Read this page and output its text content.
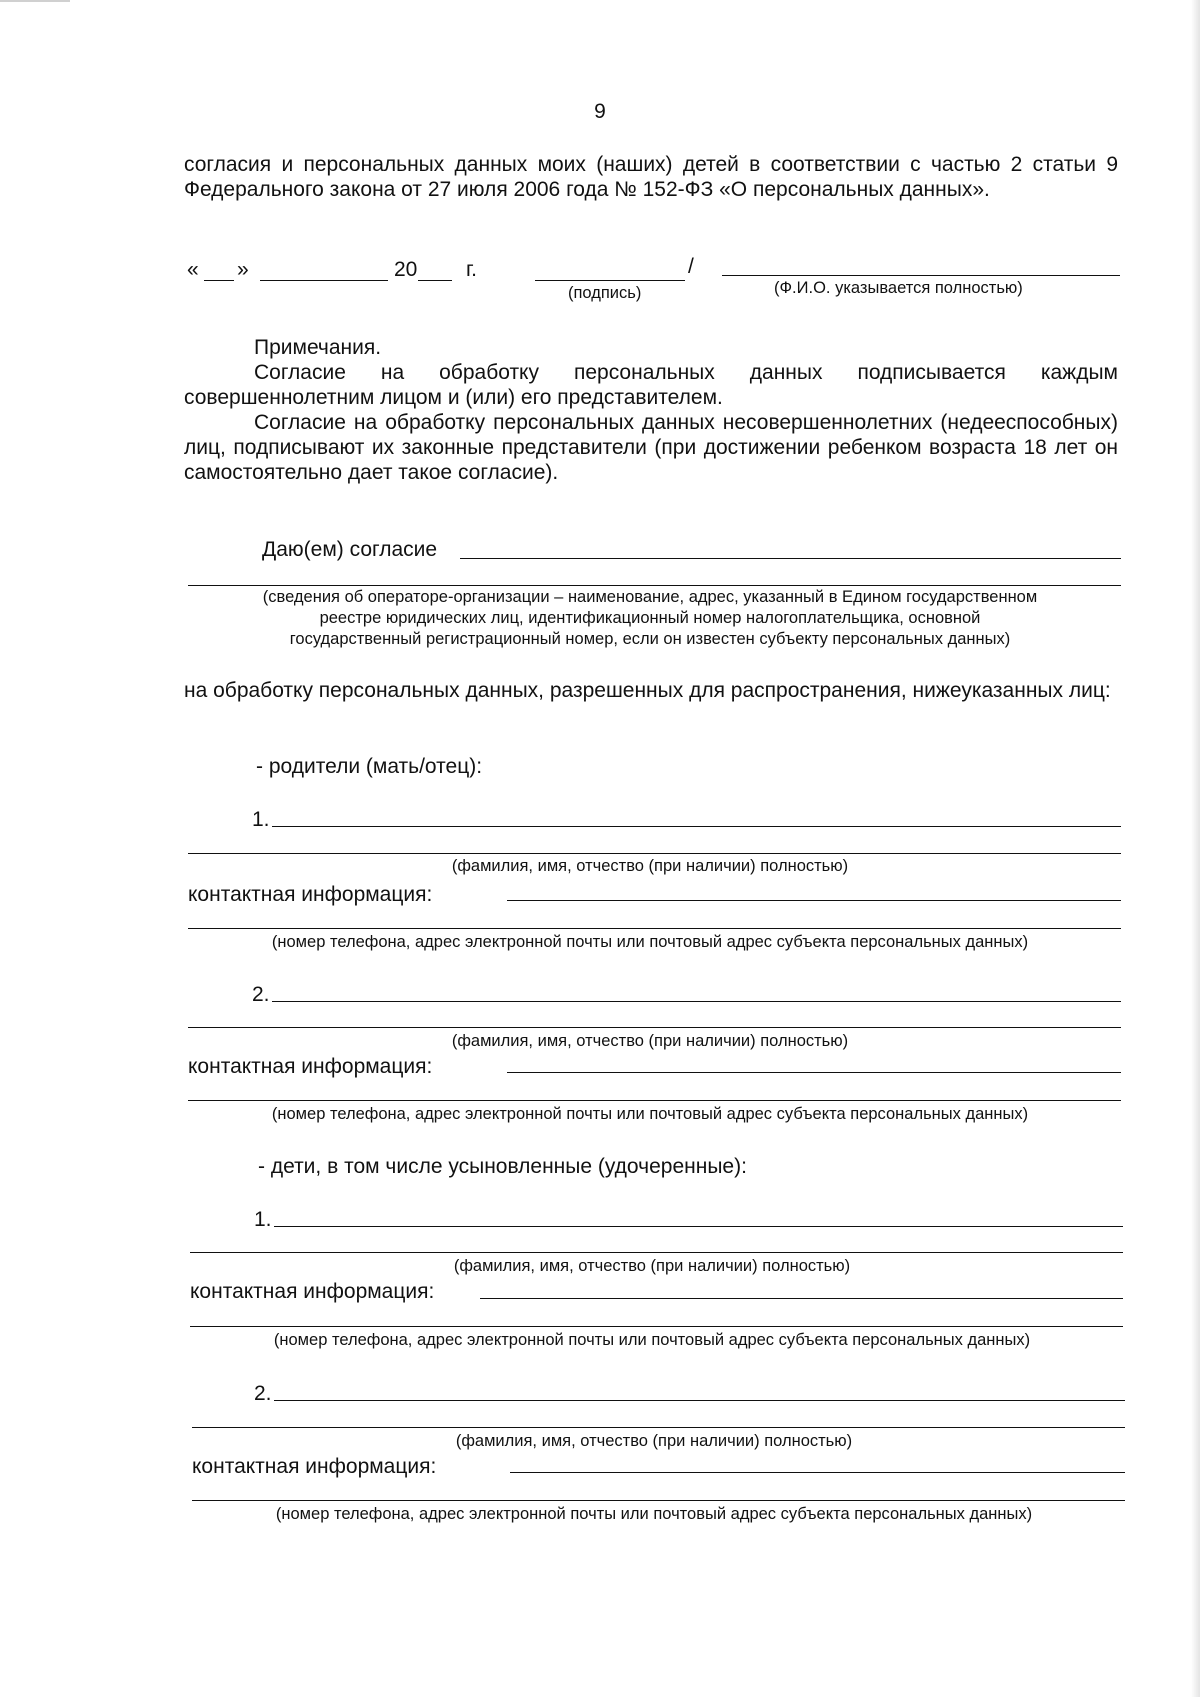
9

согласия и персональных данных моих (наших) детей в соответствии с частью 2 статьи 9 Федерального закона от 27 июля 2006 года № 152-ФЗ «О персональных данных».

« »	20 г.	/
(подпись)	(Ф.И.О. указывается полностью)
Примечания.

Согласие на обработку персональных данных подписывается каждым совершеннолетним лицом и (или) его представителем.

Согласие на обработку персональных данных несовершеннолетних (недееспособных) лиц, подписывают их законные представители (при достижении ребенком возраста 18 лет он самостоятельно дает такое согласие).

Даю(ем) согласие
(сведения об операторе-организации – наименование, адрес, указанный в Едином государственном
реестре юридических лиц, идентификационный номер налогоплательщика, основной
государственный регистрационный номер, если он известен субъекту персональных данных)

на обработку персональных данных, разрешенных для распространения, нижеуказанных лиц:

- родители (мать/отец):
1.
(фамилия, имя, отчество (при наличии) полностью)
контактная информация:
(номер телефона, адрес электронной почты или почтовый адрес субъекта персональных данных)
2.
(фамилия, имя, отчество (при наличии) полностью)
контактная информация:
(номер телефона, адрес электронной почты или почтовый адрес субъекта персональных данных)
- дети, в том числе усыновленные (удочеренные):
1.
(фамилия, имя, отчество (при наличии) полностью)
контактная информация:
(номер телефона, адрес электронной почты или почтовый адрес субъекта персональных данных)
2.
(фамилия, имя, отчество (при наличии) полностью)
контактная информация:
(номер телефона, адрес электронной почты или почтовый адрес субъекта персональных данных)
